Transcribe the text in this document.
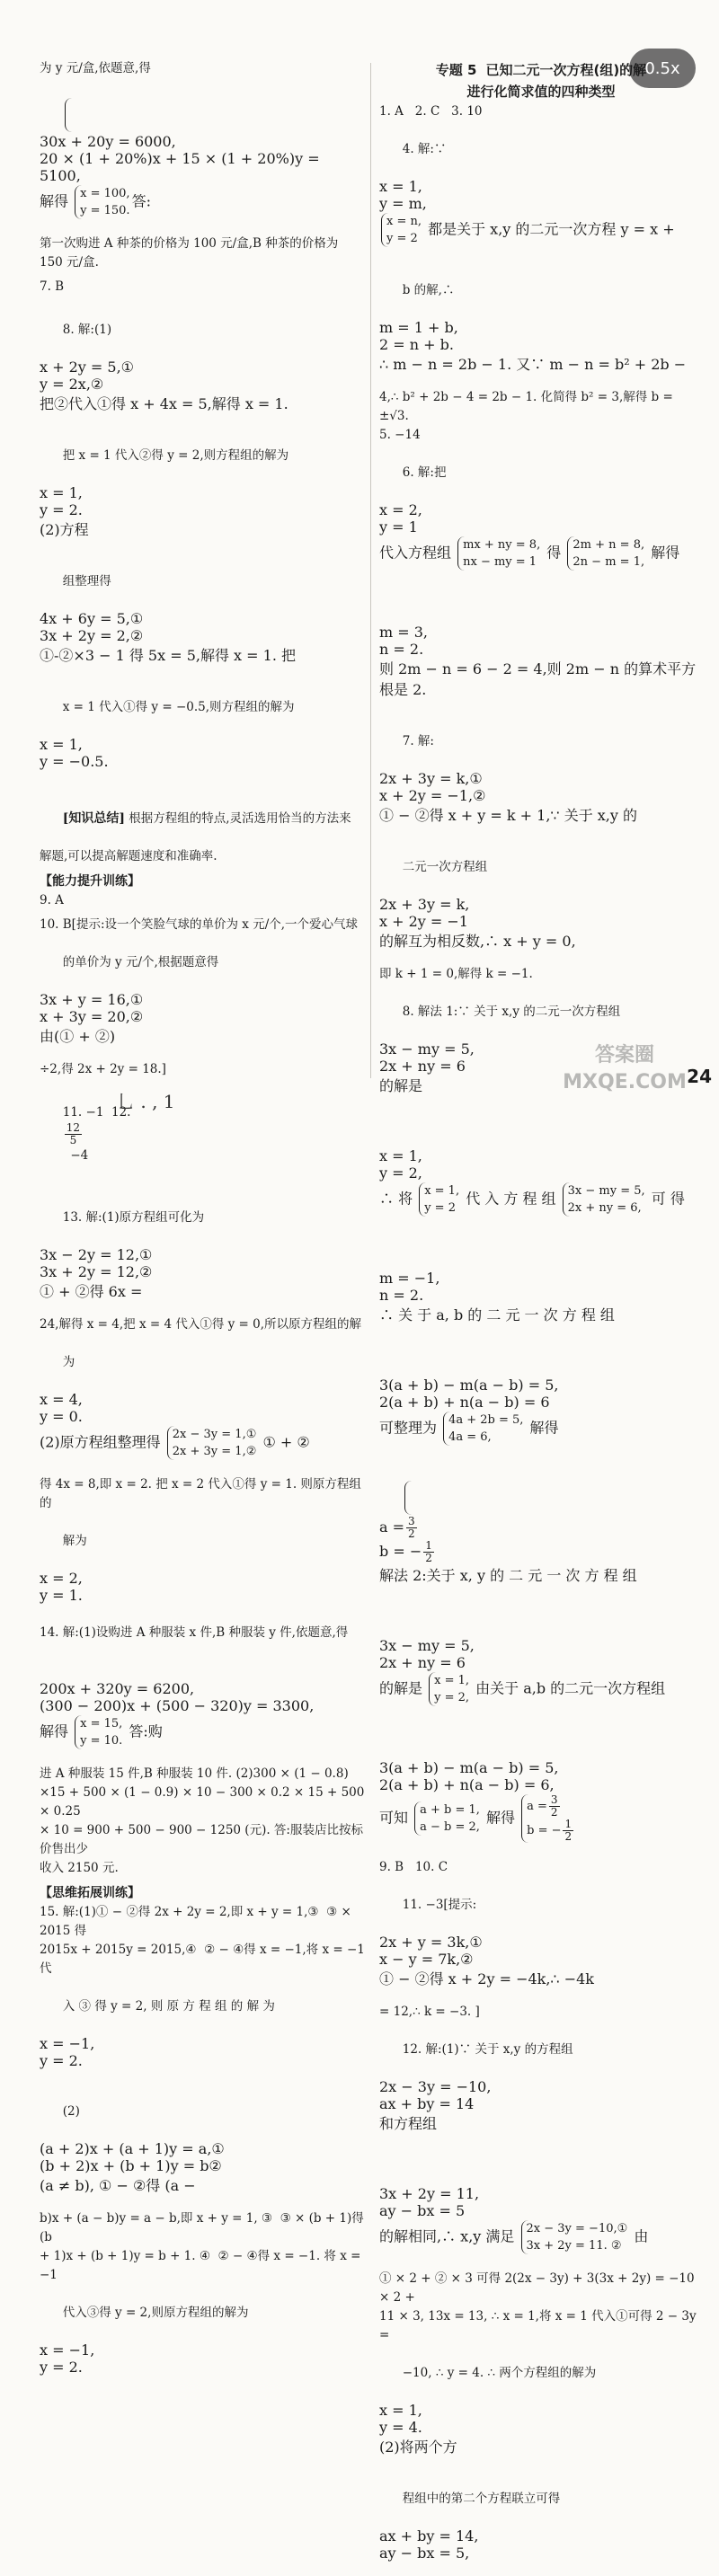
0.5x

为 y 元/盒,依题意,得

30x + 20y = 6000,
20 × (1 + 20%)x + 15 × (1 + 20%)y = 5100,
解得 x = 100,
y = 150.
答:

第一次购进 A 种茶的价格为 100 元/盒,B 种茶的价格为

150 元/盒.

7. B

8. 解:(1)

x + 2y = 5,①
y = 2x,②
把②代入①得 x + 4x = 5,解得 x = 1.

把 x = 1 代入②得 y = 2,则方程组的解为

x = 1,
y = 2.
(2)方程

组整理得

4x + 6y = 5,①
3x + 2y = 2,②
①-②×3 − 1 得 5x = 5,解得 x = 1. 把

x = 1 代入①得 y = −0.5,则方程组的解为

x = 1,
y = −0.5.

[知识总结] 根据方程组的特点,灵活选用恰当的方法来

解题,可以提高解题速度和准确率.

【能力提升训练】

9. A

10. B[提示:设一个笑脸气球的单价为 x 元/个,一个爱心气球

的单价为 y 元/个,根据题意得

3x + y = 16,①
x + 3y = 20,②
由(① + ②)

÷2,得 2x + 2y = 18.]

11. −1  12.

$\frac{12}{5}$

−4

13. 解:(1)原方程组可化为

3x − 2y = 12,①
3x + 2y = 12,②
① + ②得 6x =

24,解得 x = 4,把 x = 4 代入①得 y = 0,所以原方程组的解

为

x = 4,
y = 0.
(2)原方程组整理得 2x − 3y = 1,①
2x + 3y = 1,②
① + ②

得 4x = 8,即 x = 2. 把 x = 2 代入①得 y = 1. 则原方程组的

解为

x = 2,
y = 1.

14. 解:(1)设购进 A 种服装 x 件,B 种服装 y 件,依题意,得

200x + 320y = 6200,
(300 − 200)x + (500 − 320)y = 3300,
解得 x = 15,
y = 10.
答:购

进 A 种服装 15 件,B 种服装 10 件. (2)300 × (1 − 0.8)

×15 + 500 × (1 − 0.9) × 10 − 300 × 0.2 × 15 + 500 × 0.25

× 10 = 900 + 500 − 900 − 1250 (元). 答:服装店比按标价售出少

收入 2150 元.

【思维拓展训练】

15. 解:(1)① − ②得 2x + 2y = 2,即 x + y = 1,③  ③ × 2015 得

2015x + 2015y = 2015,④  ② − ④得 x = −1,将 x = −1 代

入 ③ 得 y = 2, 则 原 方 程 组 的 解 为

x = −1,
y = 2.

(2)

(a + 2)x + (a + 1)y = a,①
(b + 2)x + (b + 1)y = b②
(a ≠ b), ① − ②得 (a −

b)x + (a − b)y = a − b,即 x + y = 1, ③  ③ × (b + 1)得 (b

+ 1)x + (b + 1)y = b + 1. ④  ② − ④得 x = −1. 将 x = −1

代入③得 y = 2,则原方程组的解为

x = −1,
y = 2.

乚 . , 1
专题 5 已知二元一次方程(组)的解
进行化简求值的四种类型

1. A   2. C   3. 10

4. 解:∵

x = 1,
y = m,
x = n,
y = 2
都是关于 x,y 的二元一次方程 y = x +

b 的解,∴

m = 1 + b,
2 = n + b.
∴ m − n = 2b − 1. 又∵ m − n = b² + 2b −

4,∴ b² + 2b − 4 = 2b − 1. 化简得 b² = 3,解得 b = ±√3.

5. −14

6. 解:把

x = 2,
y = 1
代入方程组 mx + ny = 8,
nx − my = 1
得 2m + n = 8,
2n − m = 1,
解得

m = 3,
n = 2.
则 2m − n = 6 − 2 = 4,则 2m − n 的算术平方根是 2.

7. 解:

2x + 3y = k,①
x + 2y = −1,②
① − ②得 x + y = k + 1,∵ 关于 x,y 的

二元一次方程组

2x + 3y = k,
x + 2y = −1
的解互为相反数,∴ x + y = 0,

即 k + 1 = 0,解得 k = −1.

8. 解法 1:∵ 关于 x,y 的二元一次方程组

3x − my = 5,
2x + ny = 6
的解是

x = 1,
y = 2,
∴ 将 x = 1,
y = 2
代 入 方 程 组 3x − my = 5,
2x + ny = 6,
可 得

m = −1,
n = 2.
∴ 关 于 a, b 的 二 元 一 次 方 程 组

3(a + b) − m(a − b) = 5,
2(a + b) + n(a − b) = 6
可整理为 4a + 2b = 5,
4a = 6,
解得

$a = \frac{3}{2}$
b = − $\frac{1}{2}$
解法 2:关于 x, y 的 二 元 一 次 方 程 组

3x − my = 5,
2x + ny = 6
的解是 x = 1,
y = 2,
由关于 a,b 的二元一次方程组

3(a + b) − m(a − b) = 5,
2(a + b) + n(a − b) = 6,
可知 a + b = 1,
a − b = 2,
解得
$a = \frac{3}{2}$
b = − $\frac{1}{2}$

9. B   10. C

11. −3[提示:

2x + y = 3k,①
x − y = 7k,②
① − ②得 x + 2y = −4k,∴ −4k

= 12,∴ k = −3. ]

12. 解:(1)∵ 关于 x,y 的方程组

2x − 3y = −10,
ax + by = 14
和方程组

3x + 2y = 11,
ay − bx = 5
的解相同,∴ x,y 满足 2x − 3y = −10,①
3x + 2y = 11. ②
由

① × 2 + ② × 3 可得 2(2x − 3y) + 3(3x + 2y) = −10 × 2 +

11 × 3, 13x = 13, ∴ x = 1,将 x = 1 代入①可得 2 − 3y =

−10, ∴ y = 4. ∴ 两个方程组的解为

x = 1,
y = 4.
(2)将两个方

程组中的第二个方程联立可得

ax + by = 14,
ay − bx = 5,

答案圈
MXQE.COM 24
